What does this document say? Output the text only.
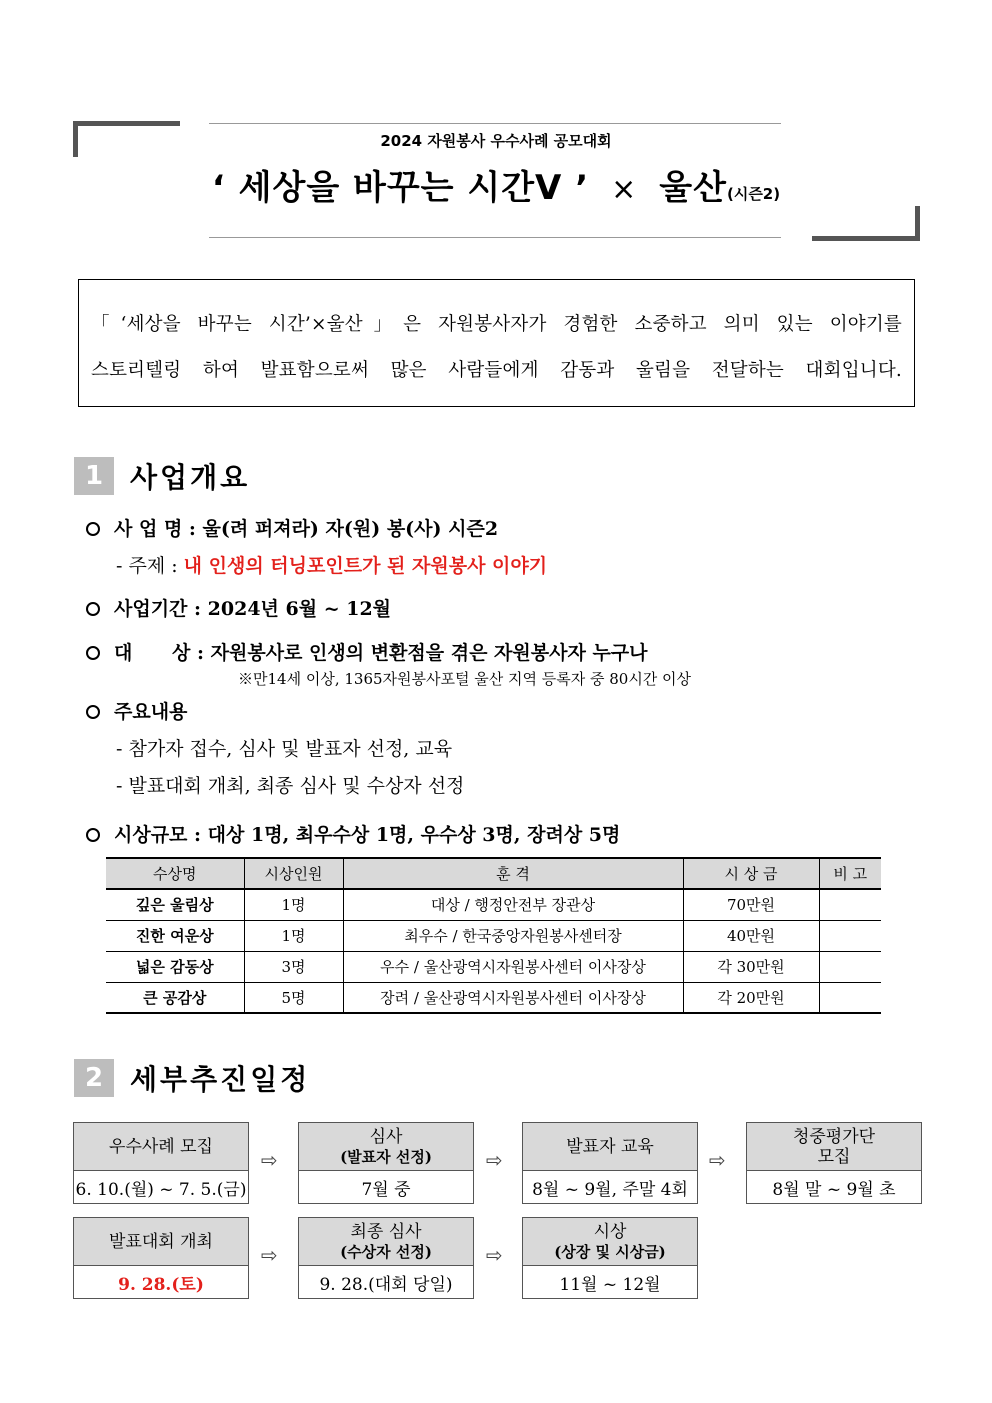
2024 자원봉사 우수사례 공모대회
‘ 세상을 바꾸는 시간V ’ × 울산(시즌2)

「‘세상을 바꾸는 시간’×울산」은 자원봉사자가 경험한 소중하고 의미 있는 이야기를

스토리텔링 하여 발표함으로써 많은 사람들에게 감동과 울림을 전달하는 대회입니다.

1 사업개요
사 업 명 : 울(려 퍼져라) 자(원) 봉(사) 시즌2
- 주제 : 내 인생의 터닝포인트가 된 자원봉사 이야기
사업기간 : 2024년 6월 ~ 12월
대      상 : 자원봉사로 인생의 변환점을 겪은 자원봉사자 누구나
※만14세 이상, 1365자원봉사포털 울산 지역 등록자 중 80시간 이상
주요내용
- 참가자 접수, 심사 및 발표자 선정, 교육
- 발표대회 개최, 최종 심사 및 수상자 선정
시상규모 : 대상 1명, 최우수상 1명, 우수상 3명, 장려상 5명
수상명	시상인원	훈 격	시 상 금	비 고
깊은 울림상	1명	대상 / 행정안전부 장관상	70만원	
진한 여운상	1명	최우수 / 한국중앙자원봉사센터장	40만원	
넓은 감동상	3명	우수 / 울산광역시자원봉사센터 이사장상	각 30만원	
큰 공감상	5명	장려 / 울산광역시자원봉사센터 이사장상	각 20만원	
2 세부추진일정
우수사례 모집
6. 10.(월) ~ 7. 5.(금)
⇨
심사
(발표자 선정)
7월 중
⇨
발표자 교육
8월 ~ 9월, 주말 4회
⇨
청중평가단
모집
8월 말 ~ 9월 초
발표대회 개최
9. 28.(토)
⇨
최종 심사
(수상자 선정)
9. 28.(대회 당일)
⇨
시상
(상장 및 시상금)
11월 ~ 12월
